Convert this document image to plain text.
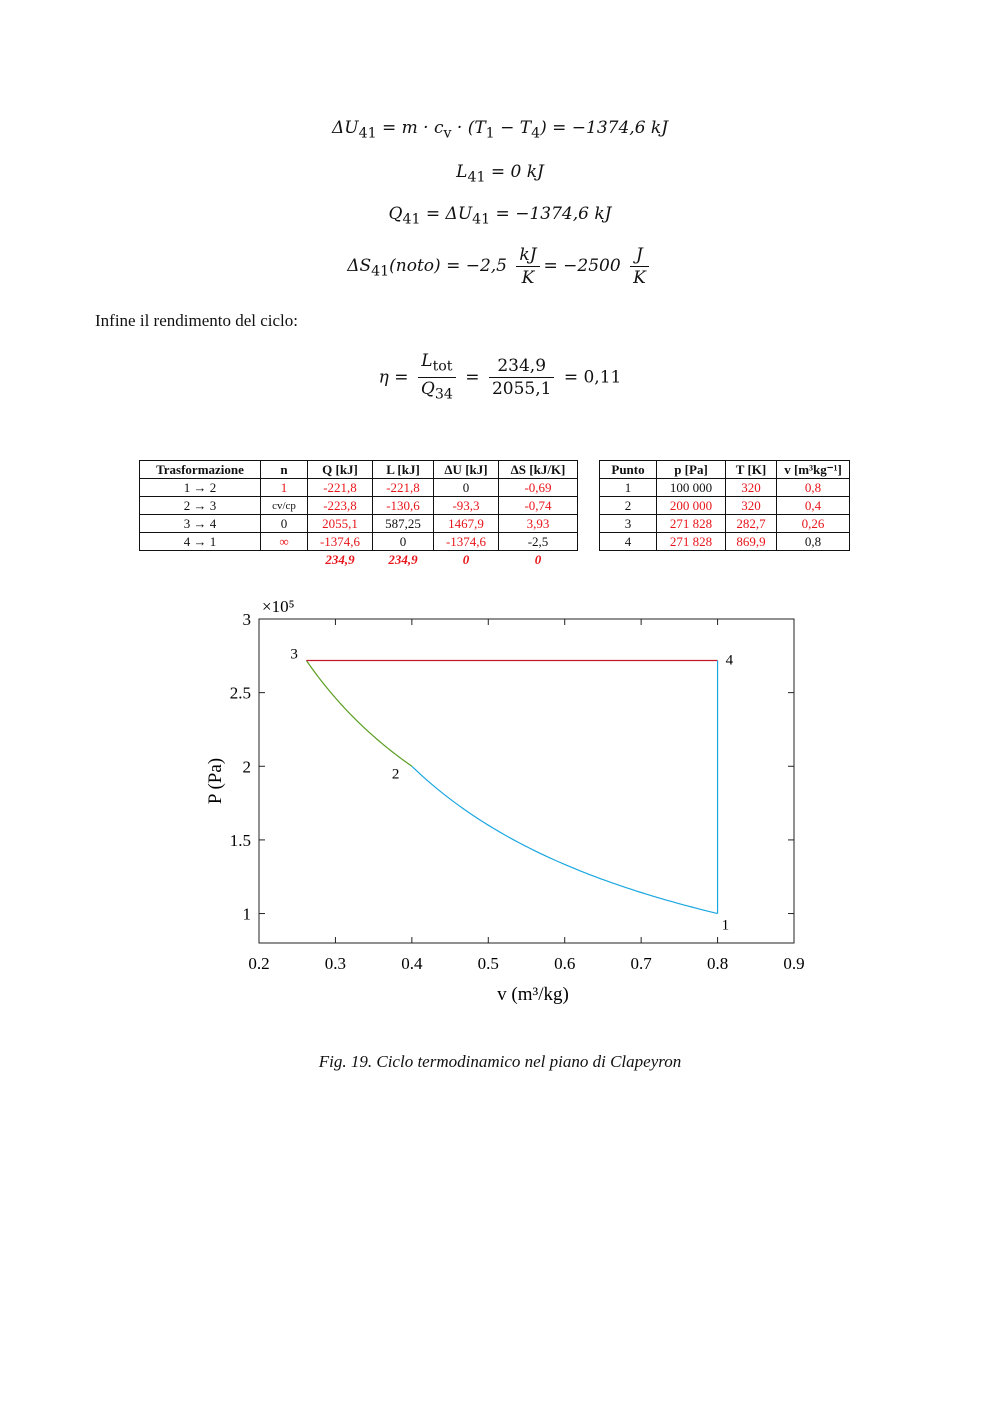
$\Delta U_{41} = m \cdot c_v \cdot (T_1 - T_4) = -1374,6$ kJ
$L_{41} = 0$ kJ
$Q_{41} = \Delta U_{41} = -1374,6$ kJ
$\Delta S_{41}(noto) = -2,5 \frac{kJ}{K} = -2500 \frac{J}{K}$
Infine il rendimento del ciclo:
$\eta = \frac{L_{tot}}{Q_{34}} = \frac{234,9}{2055,1} = 0,11$
Trasformazione	n	Q [kJ]	L [kJ]	ΔU [kJ]	ΔS [kJ/K]
1 → 2	1	-221,8	-221,8	0	-0,69
2 → 3	cv/cp	-223,8	-130,6	-93,3	-0,74
3 → 4	0	2055,1	587,25	1467,9	3,93
4 → 1	∞	-1374,6	0	-1374,6	-2,5
		234,9	234,9	0	0
Punto	p [Pa]	T [K]	v [m³kg⁻¹]
1	100 000	320	0,8
2	200 000	320	0,4
3	271 828	282,7	0,26
4	271 828	869,9	0,8
0.2	0.3	0.4	0.5	0.6	0.7	0.8	0.9
1
1.5
2
2.5
3
1
2
3	4
×10⁵
P (Pa)
v (m³/kg)
Fig. 19. Ciclo termodinamico nel piano di Clapeyron
